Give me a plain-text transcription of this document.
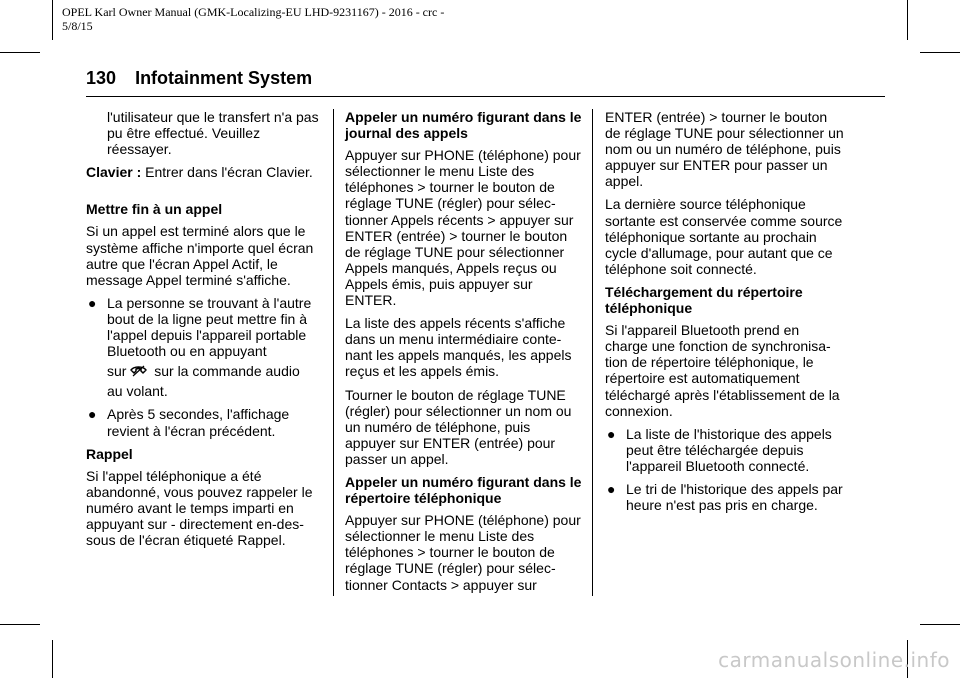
OPEL Karl Owner Manual (GMK-Localizing-EU LHD-9231167) - 2016 - crc -
5/8/15
130 Infotainment System

l'utilisateur que le transfert n'a pas pu être effectué. Veuillez réessayer.

Clavier : Entrer dans l'écran Clavier.

Mettre fin à un appel

Si un appel est terminé alors que le système affiche n'importe quel écran autre que l'écran Appel Actif, le message Appel terminé s'affiche.

● La personne se trouvant à l'autre bout de la ligne peut mettre fin à l'appel depuis l'appareil portable Bluetooth ou en appuyant
sur sur la commande audio
au volant.
● Après 5 secondes, l'affichage revient à l'écran précédent.

Rappel

Si l'appel téléphonique a été abandonné, vous pouvez rappeler le numéro avant le temps imparti en appuyant sur - directement en-des-sous de l'écran étiqueté Rappel.

Appeler un numéro figurant dans le journal des appels

Appuyer sur PHONE (téléphone) pour sélectionner le menu Liste des téléphones > tourner le bouton de réglage TUNE (régler) pour sélec-tionner Appels récents > appuyer sur ENTER (entrée) > tourner le bouton de réglage TUNE pour sélectionner Appels manqués, Appels reçus ou Appels émis, puis appuyer sur ENTER.

La liste des appels récents s'affiche dans un menu intermédiaire conte-nant les appels manqués, les appels reçus et les appels émis.

Tourner le bouton de réglage TUNE (régler) pour sélectionner un nom ou un numéro de téléphone, puis appuyer sur ENTER (entrée) pour passer un appel.

Appeler un numéro figurant dans le répertoire téléphonique

Appuyer sur PHONE (téléphone) pour sélectionner le menu Liste des téléphones > tourner le bouton de réglage TUNE (régler) pour sélec-tionner Contacts > appuyer sur

ENTER (entrée) > tourner le bouton de réglage TUNE pour sélectionner un nom ou un numéro de téléphone, puis appuyer sur ENTER pour passer un appel.

La dernière source téléphonique sortante est conservée comme source téléphonique sortante au prochain cycle d'allumage, pour autant que ce téléphone soit connecté.

Téléchargement du répertoire téléphonique

Si l'appareil Bluetooth prend en charge une fonction de synchronisa-tion de répertoire téléphonique, le répertoire est automatiquement téléchargé après l'établissement de la connexion.

● La liste de l'historique des appels peut être téléchargée depuis l'appareil Bluetooth connecté.
● Le tri de l'historique des appels par heure n'est pas pris en charge.
carmanualsonline.info
